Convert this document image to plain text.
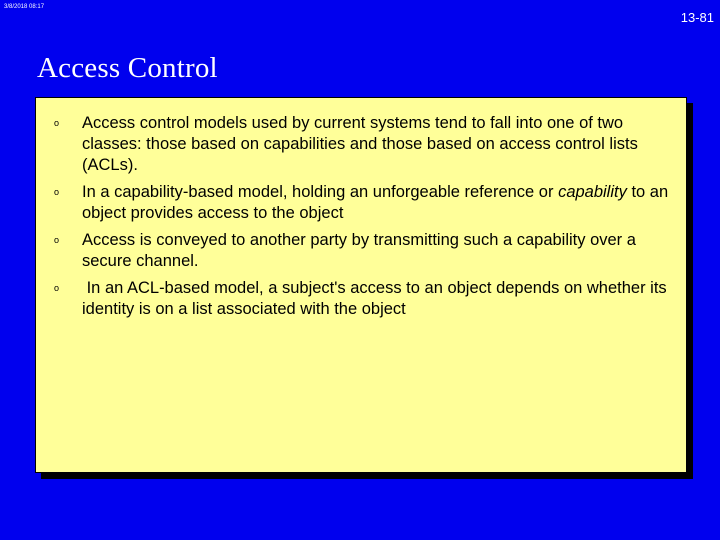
3/8/2018 08:17
13-81
Access Control
o Access control models used by current systems tend to fall into one of two classes: those based on capabilities and those based on access control lists (ACLs).
o In a capability-based model, holding an unforgeable reference or capability to an object provides access to the object
o Access is conveyed to another party by transmitting such a capability over a secure channel.
o In an ACL-based model, a subject's access to an object depends on whether its identity is on a list associated with the object
